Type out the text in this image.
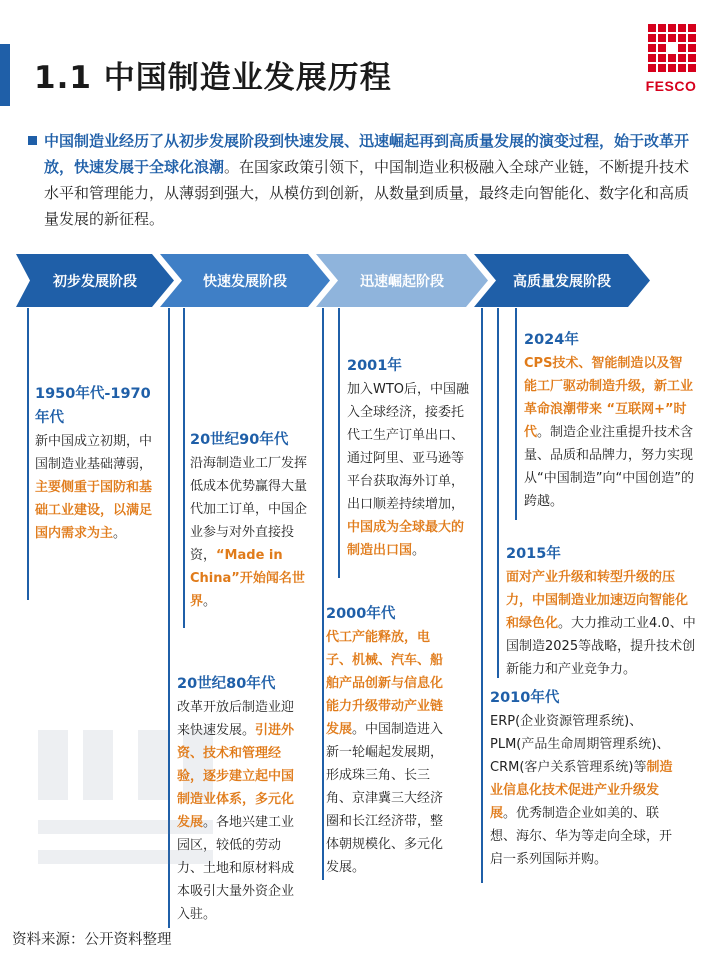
1.1 中国制造业发展历程	FESCO

中国制造业经历了从初步发展阶段到快速发展、迅速崛起再到高质量发展的演变过程，始于改革开放，快速发展于全球化浪潮。在国家政策引领下，中国制造业积极融入全球产业链，不断提升技术水平和管理能力，从薄弱到强大，从模仿到创新，从数量到质量，最终走向智能化、数字化和高质量发展的新征程。

初步发展阶段	快速发展阶段	迅速崛起阶段	高质量发展阶段
1950年代-1970年代
新中国成立初期，中国制造业基础薄弱，主要侧重于国防和基础工业建设，以满足国内需求为主。
20世纪90年代
沿海制造业工厂发挥低成本优势赢得大量代加工订单，中国企业参与对外直接投资，“Made in China”开始闻名世界。
20世纪80年代
改革开放后制造业迎来快速发展。引进外资、技术和管理经验，逐步建立起中国制造业体系，多元化发展。各地兴建工业园区，较低的劳动力、土地和原材料成本吸引大量外资企业入驻。
2001年
加入WTO后，中国融入全球经济，接委托代工生产订单出口、通过阿里、亚马逊等平台获取海外订单，出口顺差持续增加，中国成为全球最大的制造出口国。
2000年代
代工产能释放，电子、机械、汽车、船舶产品创新与信息化能力升级带动产业链发展。中国制造进入新一轮崛起发展期，形成珠三角、长三角、京津冀三大经济圈和长江经济带，整体朝规模化、多元化发展。
2024年
CPS技术、智能制造以及智能工厂驱动制造升级，新工业革命浪潮带来 “互联网+”时代。制造企业注重提升技术含量、品质和品牌力，努力实现从“中国制造”向“中国创造”的跨越。
2015年
面对产业升级和转型升级的压力，中国制造业加速迈向智能化和绿色化。大力推动工业4.0、中国制造2025等战略，提升技术创新能力和产业竞争力。
2010年代
ERP(企业资源管理系统)、PLM(产品生命周期管理系统)、CRM(客户关系管理系统)等制造业信息化技术促进产业升级发展。优秀制造企业如美的、联想、海尔、华为等走向全球，开启一系列国际并购。
资料来源：公开资料整理
